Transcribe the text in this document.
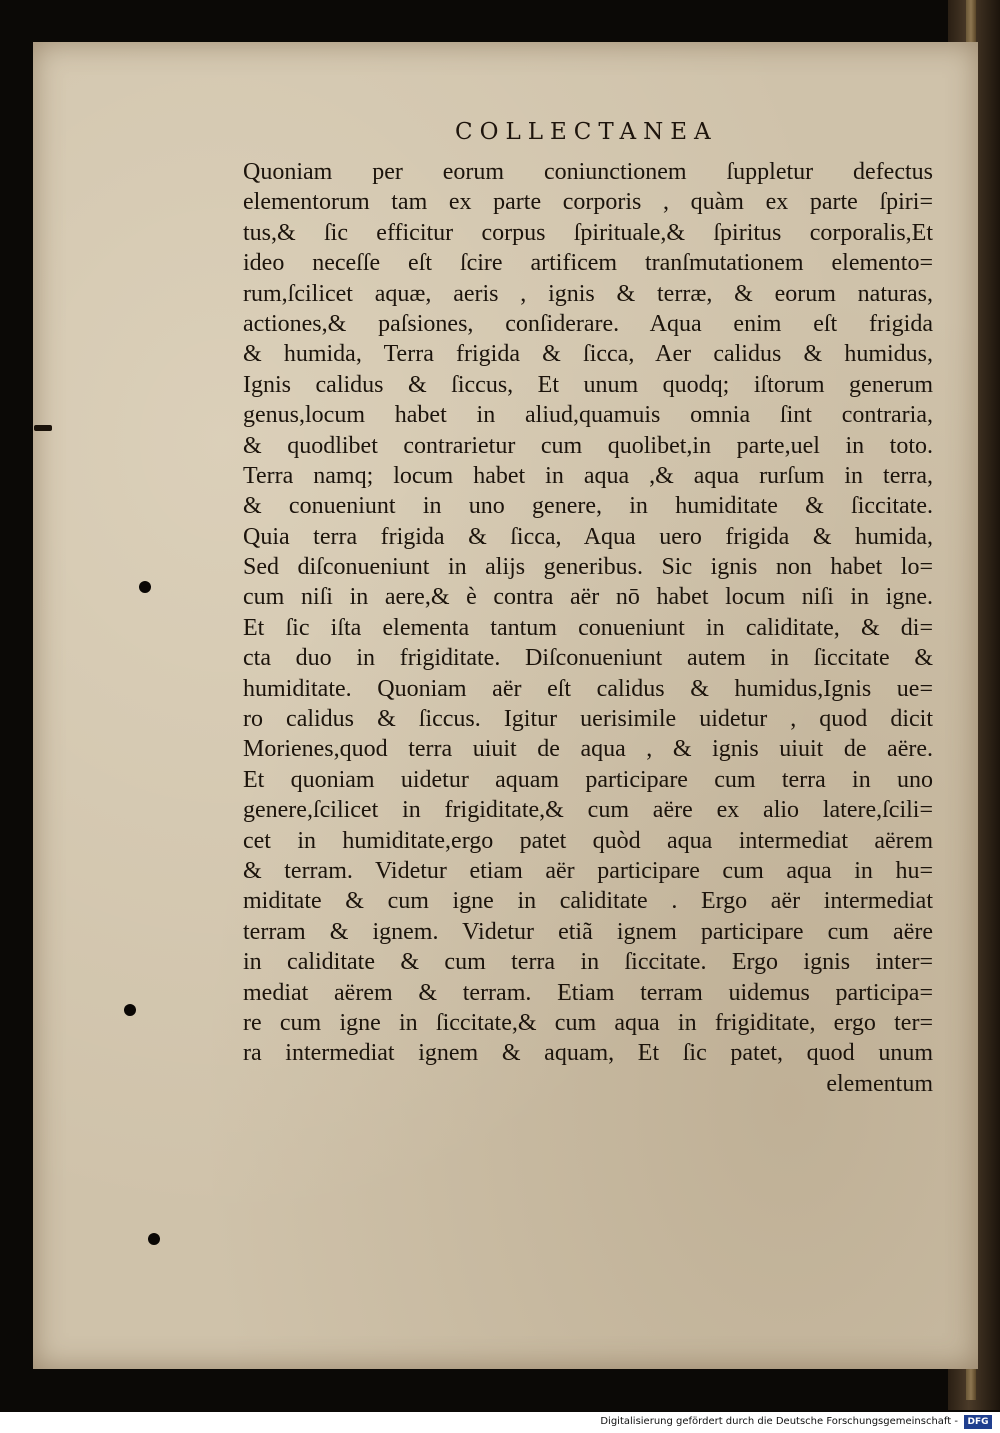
COLLECTANEA
Quoniam per eorum coniunctionem ſuppletur defectus
elementorum tam ex parte corporis , quàm ex parte ſpiri=
tus,& ſic efficitur corpus ſpirituale,& ſpiritus corporalis,Et
ideo neceſſe eſt ſcire artificem tranſmutationem elemento=
rum,ſcilicet aquæ, aeris , ignis & terræ, & eorum naturas,
actiones,& paſsiones, conſiderare. Aqua enim eſt frigida
& humida, Terra frigida & ſicca, Aer calidus & humidus,
Ignis calidus & ſiccus, Et unum quodq; iſtorum generum
genus,locum habet in aliud,quamuis omnia ſint contraria,
& quodlibet contrarietur cum quolibet,in parte,uel in toto.
Terra namq; locum habet in aqua ,& aqua rurſum in terra,
& conueniunt in uno genere, in humiditate & ſiccitate.
Quia terra frigida & ſicca, Aqua uero frigida & humida,
Sed diſconueniunt in alijs generibus. Sic ignis non habet lo=
cum niſi in aere,& è contra aër nō habet locum niſi in igne.
Et ſic iſta elementa tantum conueniunt in caliditate, & di=
cta duo in frigiditate. Diſconueniunt autem in ſiccitate &
humiditate. Quoniam aër eſt calidus & humidus,Ignis ue=
ro calidus & ſiccus. Igitur uerisimile uidetur , quod dicit
Morienes,quod terra uiuit de aqua , & ignis uiuit de aëre.
Et quoniam uidetur aquam participare cum terra in uno
genere,ſcilicet in frigiditate,& cum aëre ex alio latere,ſcili=
cet in humiditate,ergo patet quòd aqua intermediat aërem
& terram. Videtur etiam aër participare cum aqua in hu=
miditate & cum igne in caliditate . Ergo aër intermediat
terram & ignem. Videtur etiã ignem participare cum aëre
in caliditate & cum terra in ſiccitate. Ergo ignis inter=
mediat aërem & terram. Etiam terram uidemus participa=
re cum igne in ſiccitate,& cum aqua in frigiditate, ergo ter=
ra intermediat ignem & aquam, Et ſic patet, quod unum
elementum
Digitalisierung gefördert durch die Deutsche Forschungsgemeinschaft -	DFG
